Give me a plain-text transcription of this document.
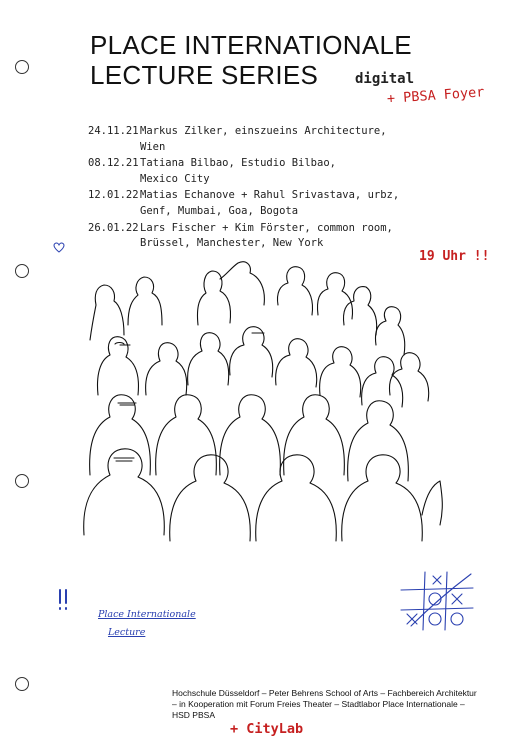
PLACE INTERNATIONALE
LECTURE SERIES	digital
+ PBSA Foyer
24.11.21 Markus Zilker, einszueins Architecture,
Wien
08.12.21 Tatiana Bilbao, Estudio Bilbao,
Mexico City
12.01.22 Matias Echanove + Rahul Srivastava, urbz,
Genf, Mumbai, Goa, Bogota
26.01.22 Lars Fischer + Kim Förster, common room,
Brüssel, Manchester, New York
19 Uhr !!
Place Internationale
Lecture
Hochschule Düsseldorf – Peter Behrens School of Arts – Fachbereich Architektur
– in Kooperation mit Forum Freies Theater – Stadtlabor Place Internationale –
HSD PBSA
+ CityLab
